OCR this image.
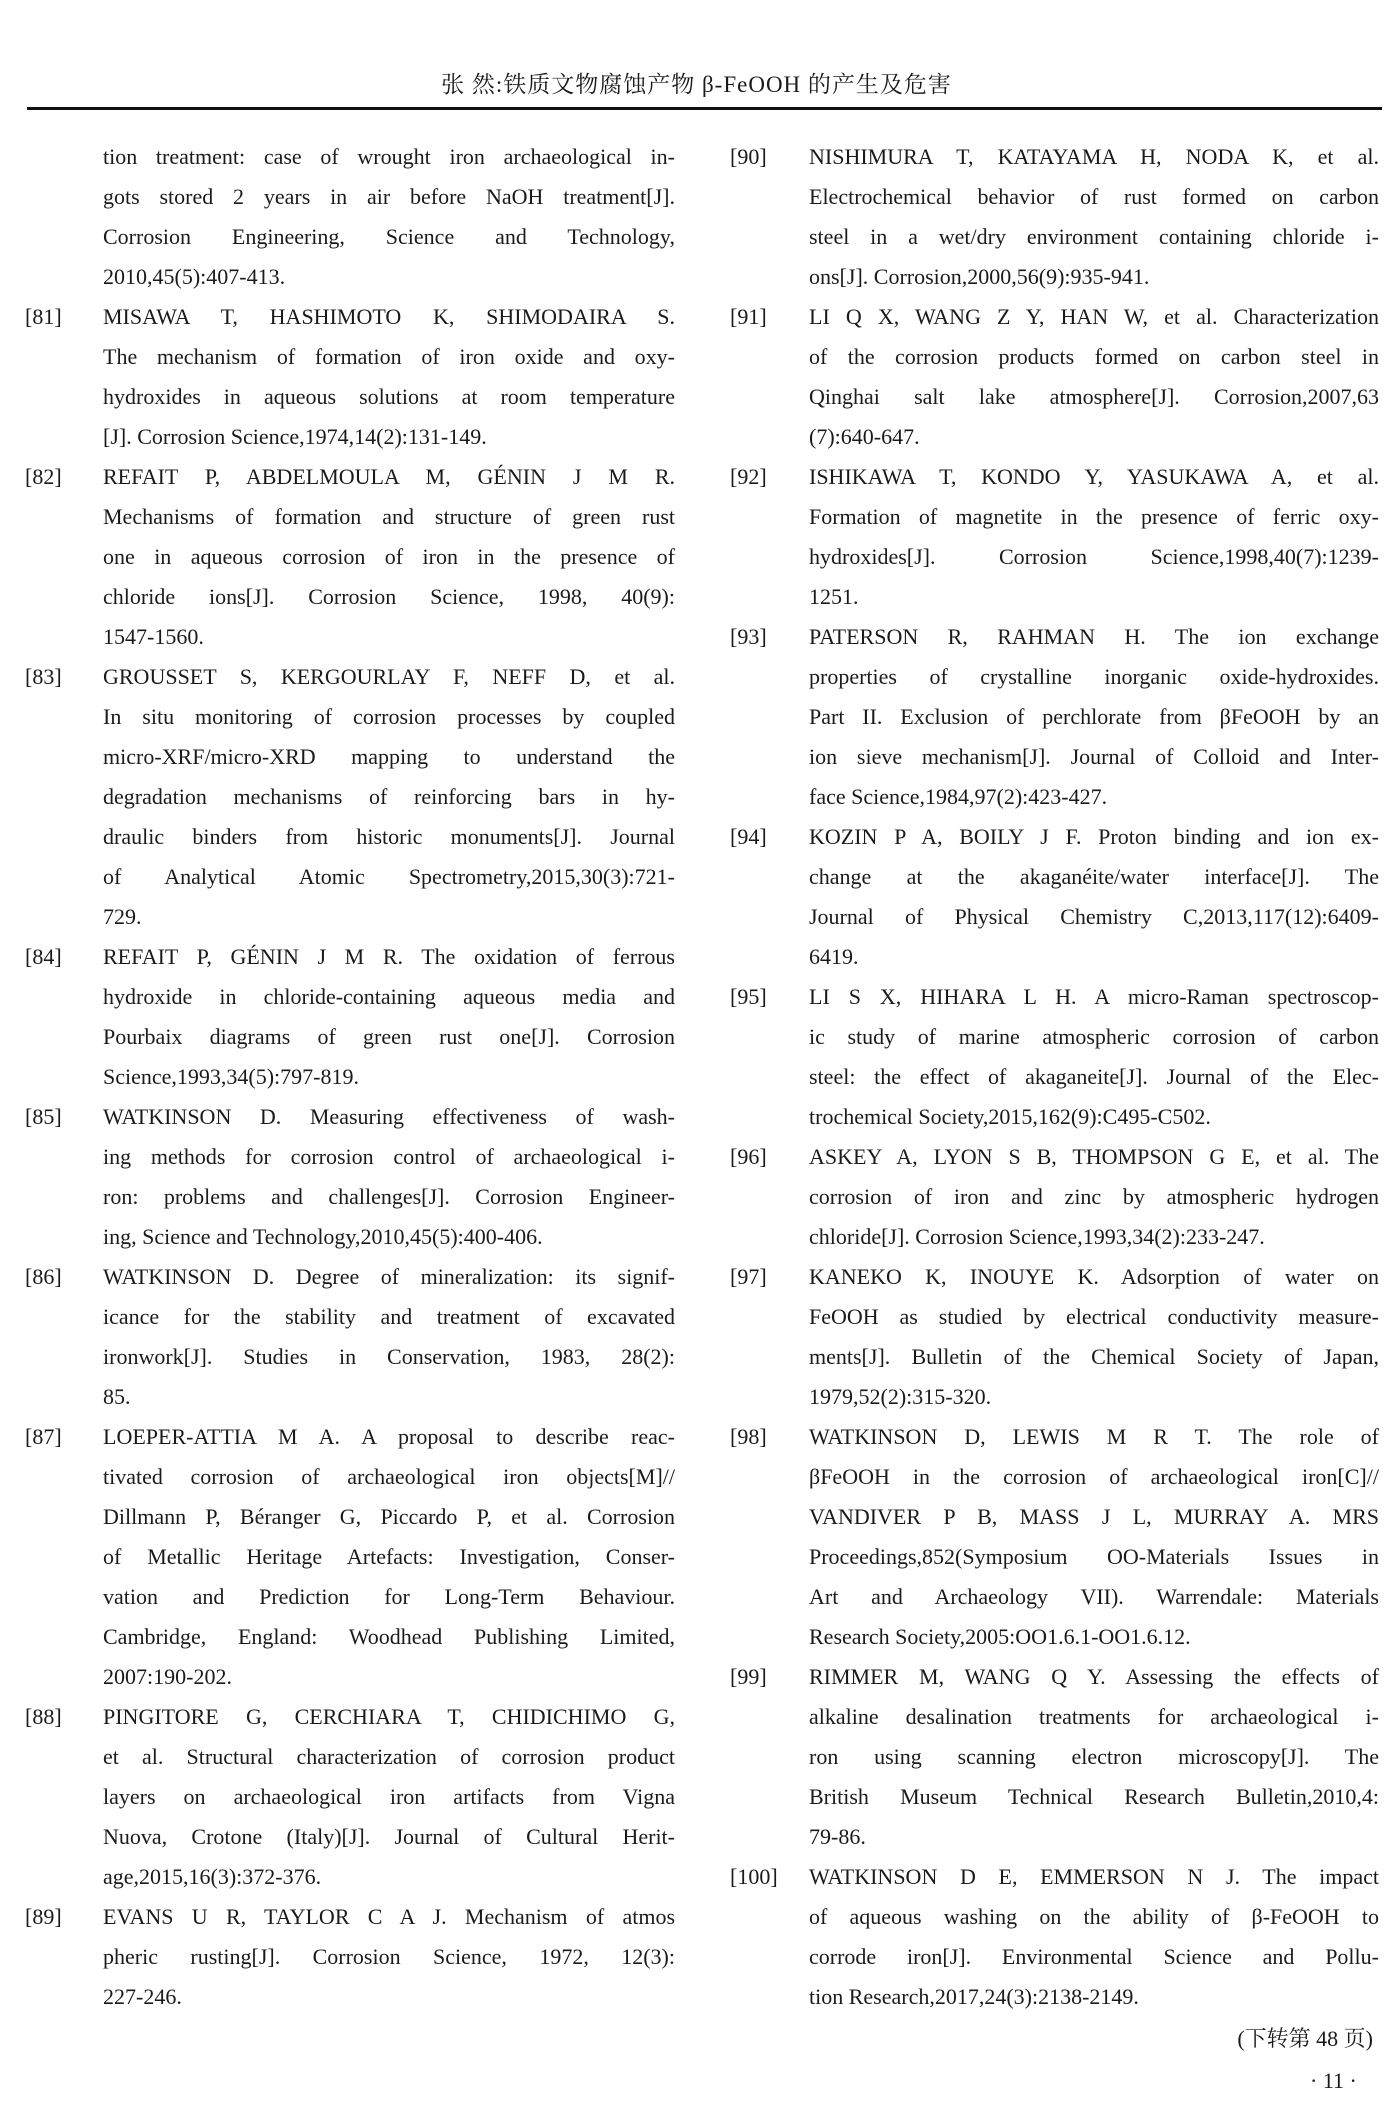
张 然:铁质文物腐蚀产物 β-FeOOH 的产生及危害
tion treatment: case of wrought iron archaeological in-
gots stored 2 years in air before NaOH treatment[J].
Corrosion Engineering, Science and Technology,
2010,45(5):407-413.
[81] MISAWA T, HASHIMOTO K, SHIMODAIRA S.
The mechanism of formation of iron oxide and oxy-
hydroxides in aqueous solutions at room temperature
[J]. Corrosion Science,1974,14(2):131-149.
[82] REFAIT P, ABDELMOULA M, GÉNIN J M R.
Mechanisms of formation and structure of green rust
one in aqueous corrosion of iron in the presence of
chloride ions[J]. Corrosion Science, 1998, 40(9):
1547-1560.
[83] GROUSSET S, KERGOURLAY F, NEFF D, et al.
In situ monitoring of corrosion processes by coupled
micro-XRF/micro-XRD mapping to understand the
degradation mechanisms of reinforcing bars in hy-
draulic binders from historic monuments[J]. Journal
of Analytical Atomic Spectrometry,2015,30(3):721-
729.
[84] REFAIT P, GÉNIN J M R. The oxidation of ferrous
hydroxide in chloride-containing aqueous media and
Pourbaix diagrams of green rust one[J]. Corrosion
Science,1993,34(5):797-819.
[85] WATKINSON D. Measuring effectiveness of wash-
ing methods for corrosion control of archaeological i-
ron: problems and challenges[J]. Corrosion Engineer-
ing, Science and Technology,2010,45(5):400-406.
[86] WATKINSON D. Degree of mineralization: its signif-
icance for the stability and treatment of excavated
ironwork[J]. Studies in Conservation, 1983, 28(2):
85.
[87] LOEPER-ATTIA M A. A proposal to describe reac-
tivated corrosion of archaeological iron objects[M]//
Dillmann P, Béranger G, Piccardo P, et al. Corrosion
of Metallic Heritage Artefacts: Investigation, Conser-
vation and Prediction for Long-Term Behaviour.
Cambridge, England: Woodhead Publishing Limited,
2007:190-202.
[88] PINGITORE G, CERCHIARA T, CHIDICHIMO G,
et al. Structural characterization of corrosion product
layers on archaeological iron artifacts from Vigna
Nuova, Crotone (Italy)[J]. Journal of Cultural Herit-
age,2015,16(3):372-376.
[89] EVANS U R, TAYLOR C A J. Mechanism of atmos
pheric rusting[J]. Corrosion Science, 1972, 12(3):
227-246.
[90] NISHIMURA T, KATAYAMA H, NODA K, et al.
Electrochemical behavior of rust formed on carbon
steel in a wet/dry environment containing chloride i-
ons[J]. Corrosion,2000,56(9):935-941.
[91] LI Q X, WANG Z Y, HAN W, et al. Characterization
of the corrosion products formed on carbon steel in
Qinghai salt lake atmosphere[J]. Corrosion,2007,63
(7):640-647.
[92] ISHIKAWA T, KONDO Y, YASUKAWA A, et al.
Formation of magnetite in the presence of ferric oxy-
hydroxides[J]. Corrosion Science,1998,40(7):1239-
1251.
[93] PATERSON R, RAHMAN H. The ion exchange
properties of crystalline inorganic oxide-hydroxides.
Part II. Exclusion of perchlorate from βFeOOH by an
ion sieve mechanism[J]. Journal of Colloid and Inter-
face Science,1984,97(2):423-427.
[94] KOZIN P A, BOILY J F. Proton binding and ion ex-
change at the akaganéite/water interface[J]. The
Journal of Physical Chemistry C,2013,117(12):6409-
6419.
[95] LI S X, HIHARA L H. A micro-Raman spectroscop-
ic study of marine atmospheric corrosion of carbon
steel: the effect of akaganeite[J]. Journal of the Elec-
trochemical Society,2015,162(9):C495-C502.
[96] ASKEY A, LYON S B, THOMPSON G E, et al. The
corrosion of iron and zinc by atmospheric hydrogen
chloride[J]. Corrosion Science,1993,34(2):233-247.
[97] KANEKO K, INOUYE K. Adsorption of water on
FeOOH as studied by electrical conductivity measure-
ments[J]. Bulletin of the Chemical Society of Japan,
1979,52(2):315-320.
[98] WATKINSON D, LEWIS M R T. The role of
βFeOOH in the corrosion of archaeological iron[C]//
VANDIVER P B, MASS J L, MURRAY A. MRS
Proceedings,852(Symposium OO-Materials Issues in
Art and Archaeology VII). Warrendale: Materials
Research Society,2005:OO1.6.1-OO1.6.12.
[99] RIMMER M, WANG Q Y. Assessing the effects of
alkaline desalination treatments for archaeological i-
ron using scanning electron microscopy[J]. The
British Museum Technical Research Bulletin,2010,4:
79-86.
[100] WATKINSON D E, EMMERSON N J. The impact
of aqueous washing on the ability of β-FeOOH to
corrode iron[J]. Environmental Science and Pollu-
tion Research,2017,24(3):2138-2149.
(下转第 48 页)
· 11 ·
